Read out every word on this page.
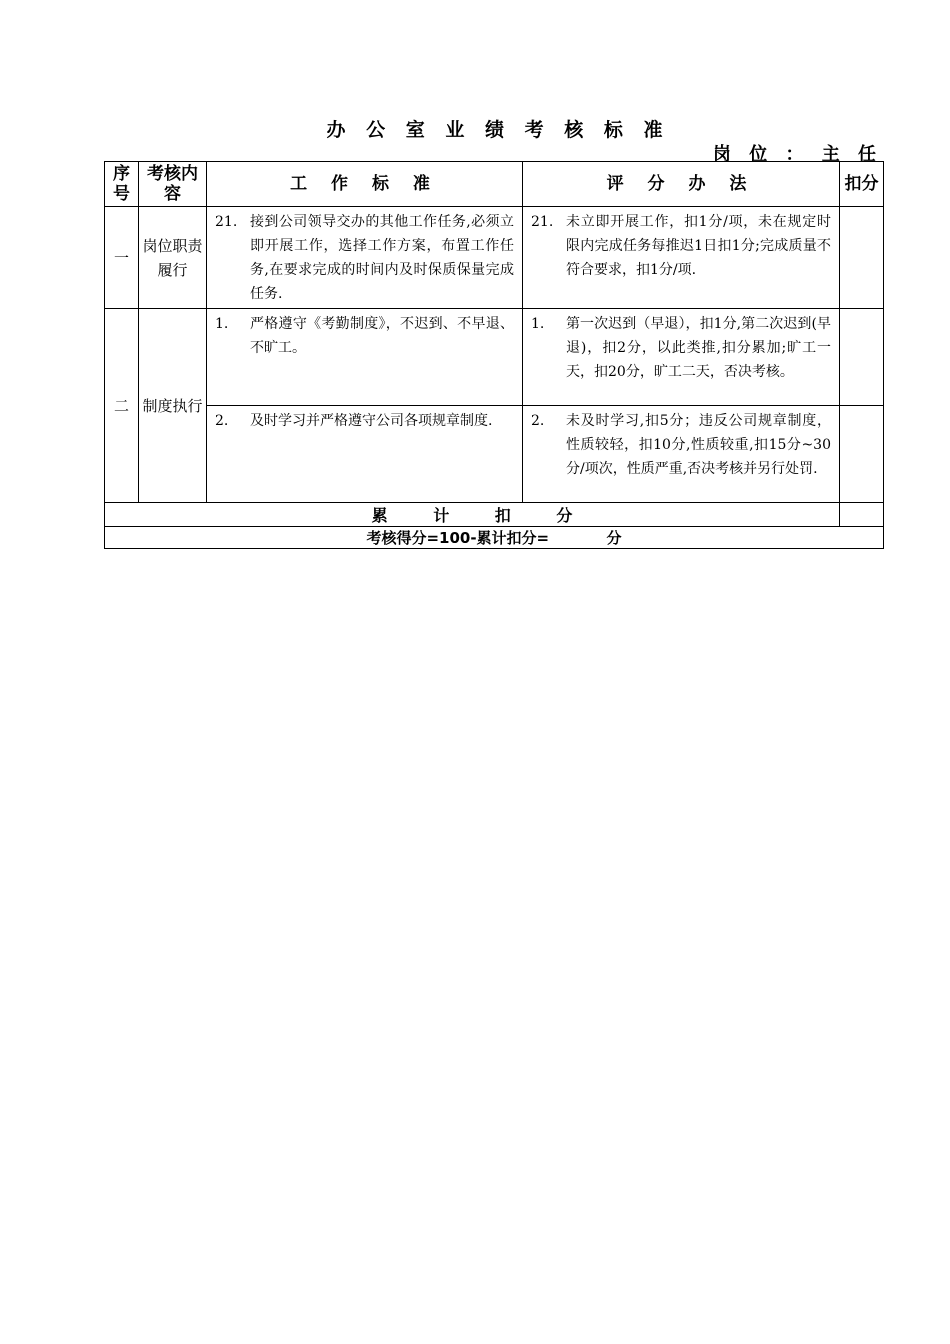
办 公 室 业 绩 考 核 标 准
岗 位 ： 主 任
序号	考核内容	工 作 标 准	评 分 办 法	扣分
一	岗位职责履行	21. 接到公司领导交办的其他工作任务,必须立即开展工作，选择工作方案，布置工作任务,在要求完成的时间内及时保质保量完成任务.	21. 未立即开展工作，扣1分/项，未在规定时限内完成任务每推迟1日扣1分;完成质量不符合要求，扣1分/项.	

二	制度执行	1. 严格遵守《考勤制度》，不迟到、不早退、不旷工。	1. 第一次迟到（早退），扣1分,第二次迟到(早退)，扣2分，以此类推,扣分累加;旷工一天，扣20分，旷工二天，否决考核。	

		2. 及时学习并严格遵守公司各项规章制度.	2. 未及时学习,扣5分；违反公司规章制度，性质较轻，扣10分,性质较重,扣15分~30分/项次，性质严重,否决考核并另行处罚.	

累 计 扣 分				
考核得分=100-累计扣分=           分				
